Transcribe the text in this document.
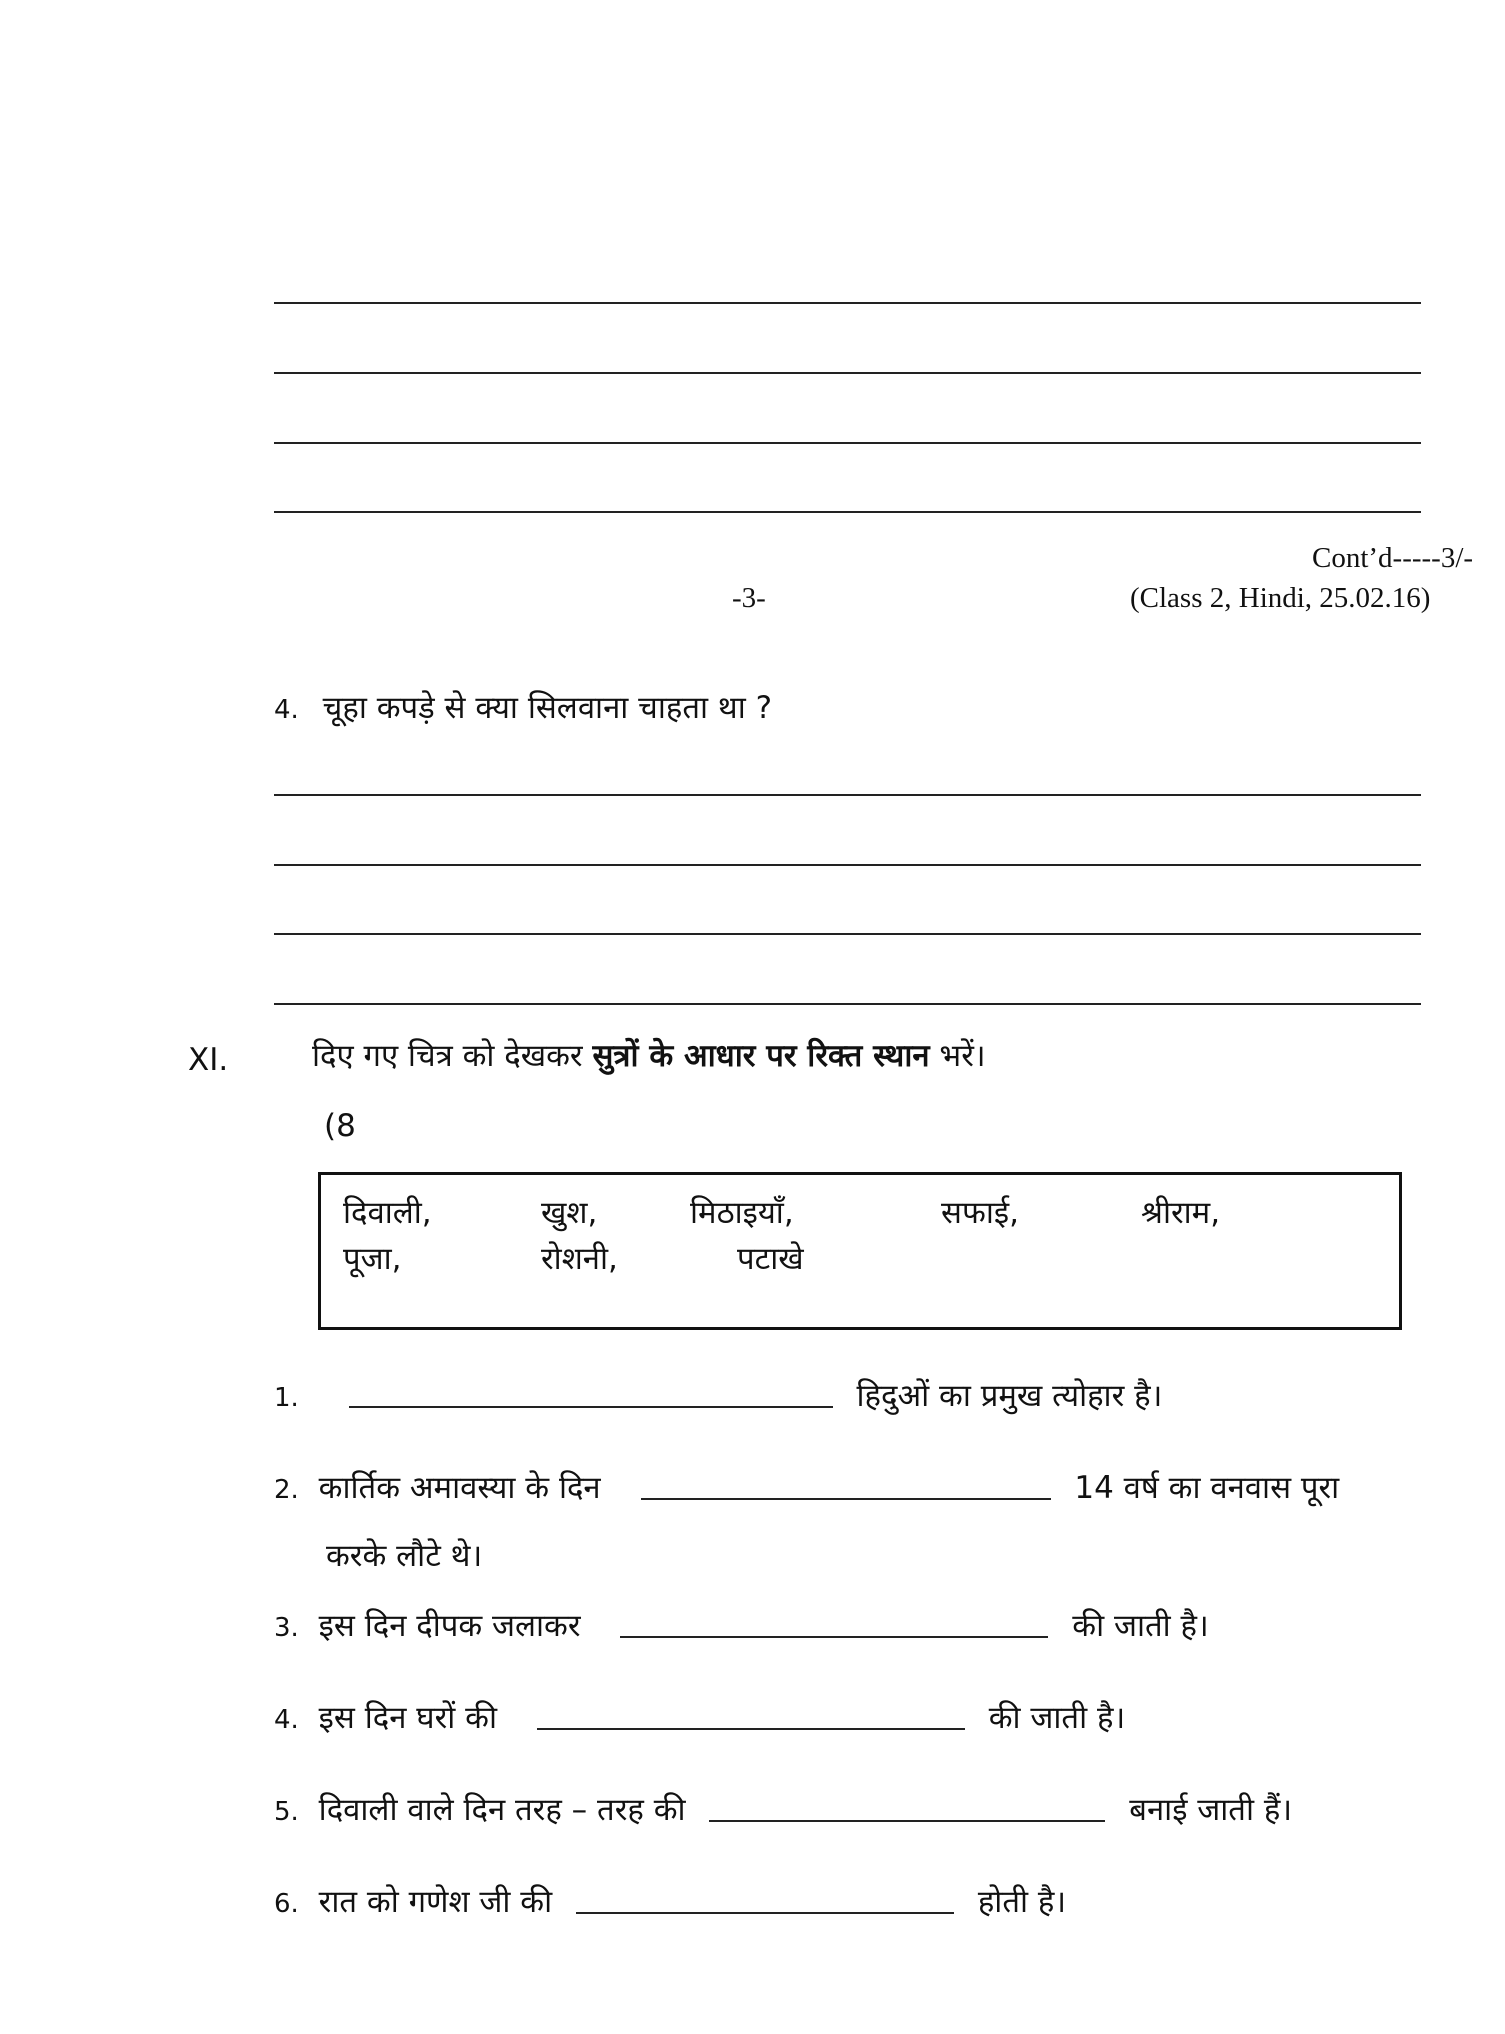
Cont’d-----3/-
-3-	(Class 2, Hindi, 25.02.16)
4. चूहा कपड़े से क्या सिलवाना चाहता था ?
XI.	दिए गए चित्र को देखकर सुत्रों के आधार पर रिक्त स्थान भरें।
(8
दिवाली,	खुश,	मिठाइयाँ,	सफाई,	श्रीराम,
पूजा,	रोशनी,	पटाखे
1.	हिदुओं का प्रमुख त्योहार है।
2. कार्तिक अमावस्या के दिन	14 वर्ष का वनवास पूरा
करके लौटे थे।
3. इस दिन दीपक जलाकर	की जाती है।
4. इस दिन घरों की	की जाती है।
5. दिवाली वाले दिन तरह – तरह की	बनाई जाती हैं।
6. रात को गणेश जी की	होती है।
